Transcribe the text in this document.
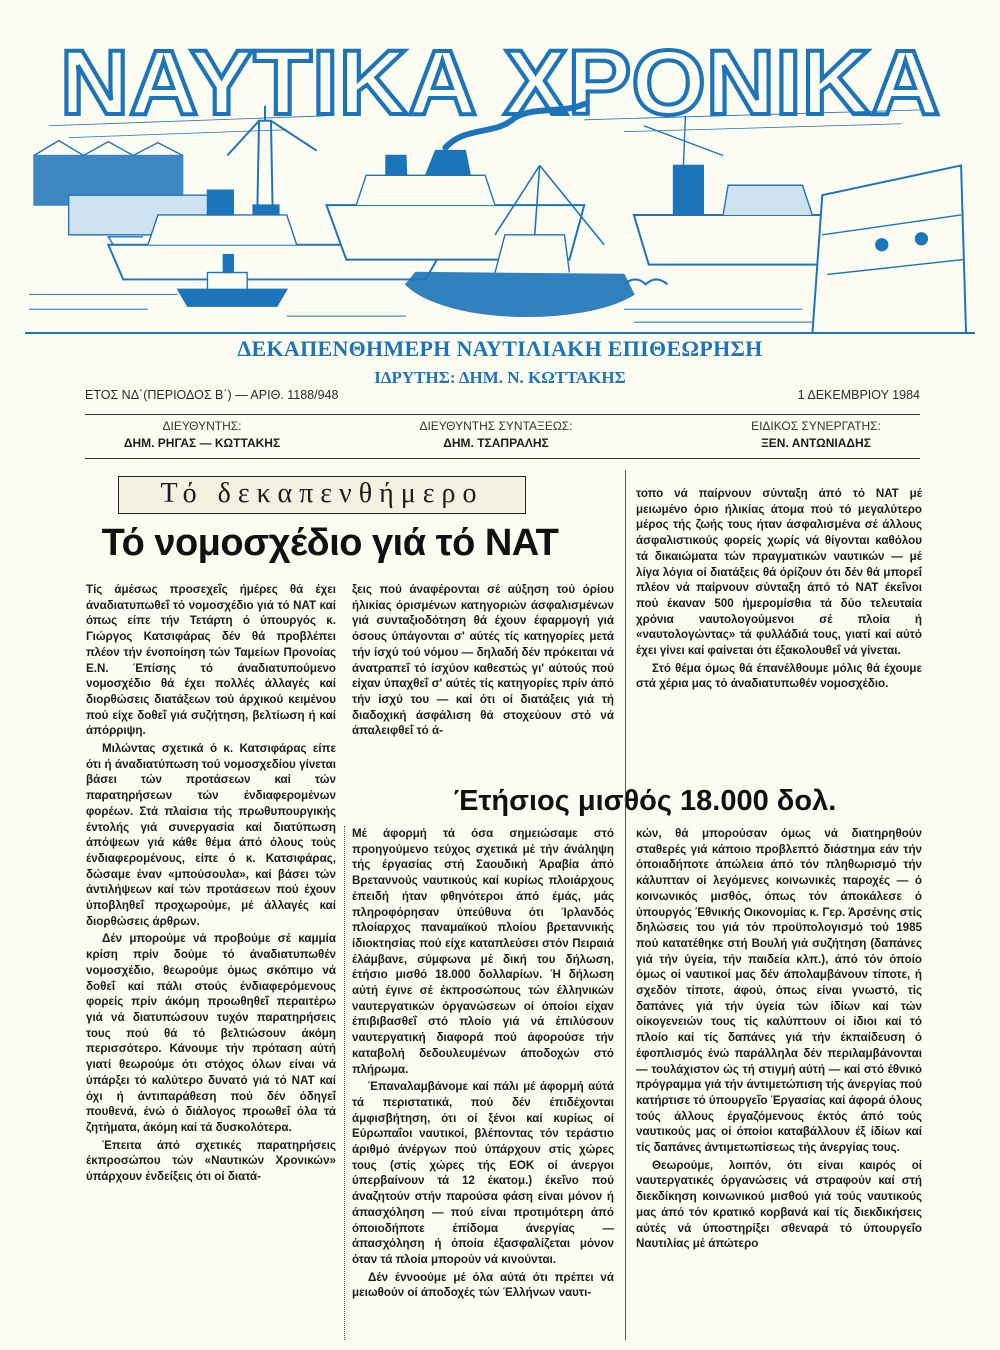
ΝΑΥΤΙΚΑ ΧΡΟΝΙΚΑ
ΔΕΚΑΠΕΝΘΗΜΕΡΗ ΝΑΥΤΙΛΙΑΚΗ ΕΠΙΘΕΩΡΗΣΗ
ΙΔΡΥΤΗΣ: ΔΗΜ. Ν. ΚΩΤΤΑΚΗΣ
ΕΤΟΣ ΝΔ΄(ΠΕΡΙΟΔΟΣ Β΄) — ΑΡΙΘ. 1188/948	1 ΔΕΚΕΜΒΡΙΟΥ 1984
ΔΙΕΥΘΥΝΤΗΣ:
ΔΗΜ. ΡΗΓΑΣ — ΚΩΤΤΑΚΗΣ
ΔΙΕΥΘΥΝΤΗΣ ΣΥΝΤΑΞΕΩΣ:
ΔΗΜ. ΤΣΑΠΡΑΛΗΣ
ΕΙΔΙΚΟΣ ΣΥΝΕΡΓΑΤΗΣ:
ΞΕΝ. ΑΝΤΩΝΙΑΔΗΣ
Τό δεκαπενθήμερο
Τό νομοσχέδιο γιά τό ΝΑΤ

Τίς άμέσως προσεχεΐς ήμέρες θά έχει άναδιατυπωθεΐ τό νομοσχέδιο γιά τό ΝΑΤ καί όπως είπε τήν Τετάρτη ό ύπουργός κ. Γιώργος Κατσιφάρας δέν θά προβλέπει πλέον τήν ένοποίηση τών Ταμείων Προνοίας Ε.Ν. Έπίσης τό άναδιατυπούμενο νομοσχέδιο θά έχει πολλές άλλαγές καί διορθώσεις διατάξεων τού άρχικού κειμένου πού είχε δοθεΐ γιά συζήτηση, βελτίωση ή καί άπόρριψη.

Μιλώντας σχετικά ό κ. Κατσιφάρας είπε ότι ή άναδιατύπωση τού νομοσχεδίου γίνεται βάσει τών προτάσεων καί τών παρατηρήσεων τών ένδιαφερομένων φορέων. Στά πλαίσια τής πρωθυπουργικής έντολής γιά συνεργασία καί διατύπωση άπόψεων γιά κάθε θέμα άπό όλους τούς ένδιαφερομένους, είπε ό κ. Κατσιφάρας, δώσαμε έναν «μπούσουλα», καί βάσει τών άντιλήψεων καί τών προτάσεων πού έχουν ύποβληθεΐ προχωρούμε, μέ άλλαγές καί διορθώσεις άρθρων.

Δέν μπορούμε νά προβούμε σέ καμμία κρίση πρίν δούμε τό άναδιατυπωθέν νομοσχέδιο, θεωρούμε όμως σκόπιμο νά δοθεΐ καί πάλι στούς ένδιαφερόμενους φορείς πρίν άκόμη προωθηθεΐ περαιτέρω γιά νά διατυπώσουν τυχόν παρατηρήσεις τους πού θά τό βελτιώσουν άκόμη περισσότερο. Κάνουμε τήν πρόταση αύτή γιατί θεωρούμε ότι στόχος όλων είναι νά ύπάρξει τό καλύτερο δυνατό γιά τό ΝΑΤ καί όχι ή άντιπαράθεση πού δέν όδηγεΐ πουθενά, ένώ ό διάλογος προωθεΐ όλα τά ζητήματα, άκόμη καί τά δυσκολότερα.

Έπειτα άπό σχετικές παρατηρήσεις έκπροσώπου τών «Ναυτικών Χρονικών» ύπάρχουν ένδείξεις ότι οί διατά-

ξεις πού άναφέρονται σέ αύξηση τού όρίου ήλικίας όρισμένων κατηγοριών άσφαλισμένων γιά συνταξιοδότηση θά έχουν έφαρμογή γιά όσους ύπάγονται σ' αύτές τίς κατηγορίες μετά τήν ίσχύ τού νόμου — δηλαδή δέν πρόκειται νά άνατραπεΐ τό ίσχύον καθεστώς γι' αύτούς πού είχαν ύπαχθεΐ σ' αύτές τίς κατηγορίες πρίν άπό τήν ίσχύ του — καί ότι οί διατάξεις γιά τή διαδοχική άσφάλιση θά στοχεύουν στό νά άπαλειφθεΐ τό ά-

τοπο νά παίρνουν σύνταξη άπό τό ΝΑΤ μέ μειωμένο όριο ήλικίας άτομα πού τό μεγαλύτερο μέρος τής ζωής τους ήταν άσφαλισμένα σέ άλλους άσφαλιστικούς φορείς χωρίς νά θίγονται καθόλου τά δικαιώματα τών πραγματικών ναυτικών — μέ λίγα λόγια οί διατάξεις θά όρίζουν ότι δέν θά μπορεΐ πλέον νά παίρνουν σύνταξη άπό τό ΝΑΤ έκεΐνοι πού έκαναν 500 ήμερομίσθια τά δύο τελευταία χρόνια ναυτολογούμενοι σέ πλοία ή «ναυτολογώντας» τά φυλλάδιά τους, γιατί καί αύτό έχει γίνει καί φαίνεται ότι έξακολουθεΐ νά γίνεται.

Στό θέμα όμως θά έπανέλθουμε μόλις θά έχουμε στά χέρια μας τό άναδιατυπωθέν νομοσχέδιο.

Έτήσιος μισθός 18.000 δολ.

Μέ άφορμή τά όσα σημειώσαμε στό προηγούμενο τεύχος σχετικά μέ τήν άνάληψη τής έργασίας στή Σαουδική Άραβία άπό Βρεταννούς ναυτικούς καί κυρίως πλοιάρχους έπειδή ήταν φθηνότεροι άπό έμάς, μάς πληροφόρησαν ύπεύθυνα ότι Ίρλανδός πλοίαρχος παναμαϊκού πλοίου βρεταννικής ίδιοκτησίας πού είχε καταπλεύσει στόν Πειραιά έλάμβανε, σύμφωνα μέ δική του δήλωση, έτήσιο μισθό 18.000 δολλαρίων. Ή δήλωση αύτή έγινε σέ έκπροσώπους τών έλληνικών ναυτεργατικών όργανώσεων οί όποίοι είχαν έπιβιβασθεΐ στό πλοίο γιά νά έπιλύσουν ναυτεργατική διαφορά πού άφορούσε τήν καταβολή δεδουλευμένων άποδοχών στό πλήρωμα.

Έπαναλαμβάνομε καί πάλι μέ άφορμή αύτά τά περιστατικά, πού δέν έπιδέχονται άμφισβήτηση, ότι οί ξένοι καί κυρίως οί Εύρωπαΐοι ναυτικοί, βλέποντας τόν τεράστιο άριθμό άνέργων πού ύπάρχουν στίς χώρες τους (στίς χώρες τής ΕΟΚ οί άνεργοι ύπερβαίνουν τά 12 έκατομ.) έκεΐνο πού άναζητούν στήν παρούσα φάση είναι μόνον ή άπασχόληση — πού είναι προτιμότερη άπό όποιοδήποτε έπίδομα άνεργίας — άπασχόληση ή όποία έξασφαλίζεται μόνον όταν τά πλοία μπορούν νά κινούνται.

Δέν έννοούμε μέ όλα αύτά ότι πρέπει νά μειωθούν οί άποδοχές τών Έλλήνων ναυτι-

κών, θά μπορούσαν όμως νά διατηρηθούν σταθερές γιά κάποιο προβλεπτό διάστημα εάν τήν όποιαδήποτε άπώλεια άπό τόν πληθωρισμό τήν κάλυπταν οί λεγόμενες κοινωνικές παροχές — ό κοινωνικός μισθός, όπως τόν άποκάλεσε ό ύπουργός Έθνικής Οικονομίας κ. Γερ. Άρσένης στίς δηλώσεις του γιά τόν προϋπολογισμό τού 1985 πού κατατέθηκε στή Βουλή γιά συζήτηση (δαπάνες γιά τήν ύγεία, τήν παιδεία κλπ.), άπό τόν όποίο όμως οί ναυτικοί μας δέν άπολαμβάνουν τίποτε, ή σχεδόν τίποτε, άφού, όπως είναι γνωστό, τίς δαπάνες γιά τήν ύγεία τών ίδίων καί τών οίκογενειών τους τίς καλύπτουν οί ίδιοι καί τό πλοίο καί τίς δαπάνες γιά τήν έκπαίδευση ό έφοπλισμός ένώ παράλληλα δέν περιλαμβάνονται — τουλάχιστον ώς τή στιγμή αύτή — καί στό έθνικό πρόγραμμα γιά τήν άντιμετώπιση τής άνεργίας πού κατήρτισε τό ύπουργεΐο Έργασίας καί άφορά όλους τούς άλλους έργαζόμενους έκτός άπό τούς ναυτικούς μας οί όποίοι καταβάλλουν έξ ίδίων καί τίς δαπάνες άντιμετωπίσεως τής άνεργίας τους.

Θεωρούμε, λοιπόν, ότι είναι καιρός οί ναυτεργατικές όργανώσεις νά στραφούν καί στή διεκδίκηση κοινωνικού μισθού γιά τούς ναυτικούς μας άπό τόν κρατικό κορβανά καί τίς διεκδικήσεις αύτές νά ύποστηρίξει σθεναρά τό ύπουργεΐο Ναυτιλίας μέ άπώτερο
